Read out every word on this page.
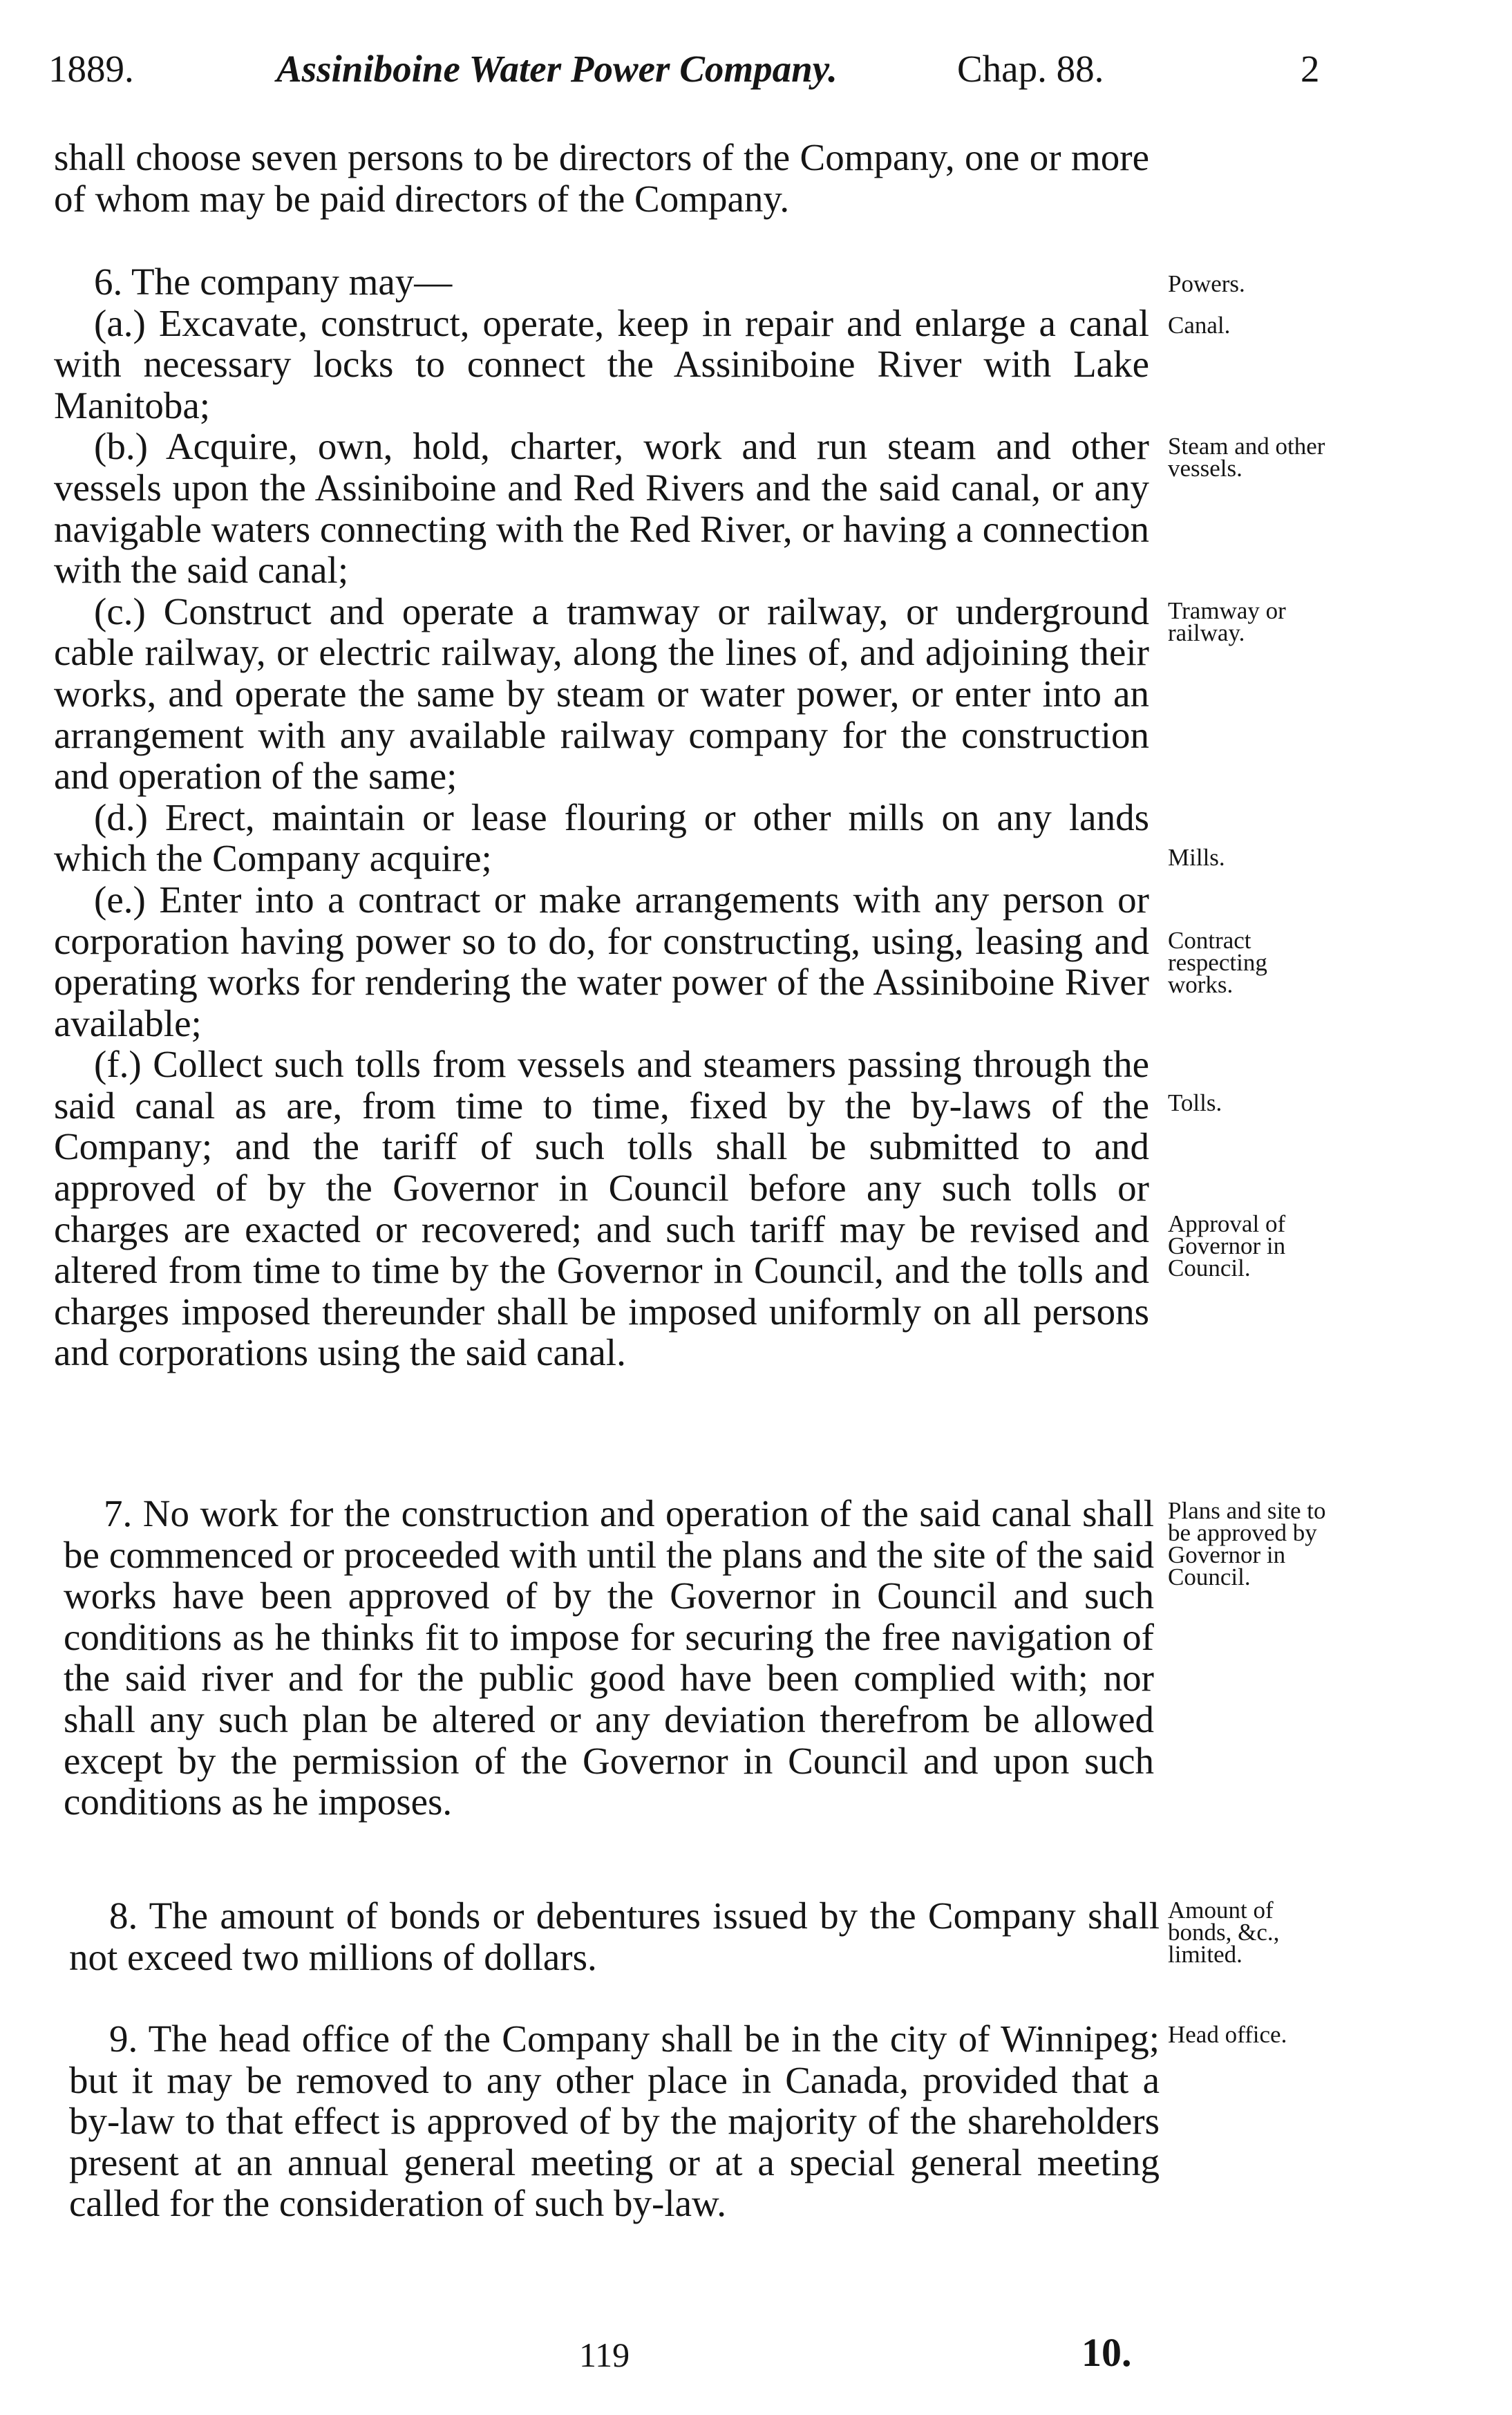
1889.	Assiniboine Water Power Company.	Chap. 88.	2

shall choose seven persons to be directors of the Company, one or more of whom may be paid directors of the Company.

6. The company may—

(a.) Excavate, construct, operate, keep in repair and enlarge a canal with necessary locks to connect the Assiniboine River with Lake Manitoba;

(b.) Acquire, own, hold, charter, work and run steam and other vessels upon the Assiniboine and Red Rivers and the said canal, or any navigable waters connecting with the Red River, or having a connection with the said canal;

(c.) Construct and operate a tramway or railway, or underground cable railway, or electric railway, along the lines of, and adjoining their works, and operate the same by steam or water power, or enter into an arrangement with any available railway company for the construction and operation of the same;

(d.) Erect, maintain or lease flouring or other mills on any lands which the Company acquire;

(e.) Enter into a contract or make arrangements with any person or corporation having power so to do, for constructing, using, leasing and operating works for rendering the water power of the Assiniboine River available;

(f.) Collect such tolls from vessels and steamers passing through the said canal as are, from time to time, fixed by the by-laws of the Company; and the tariff of such tolls shall be submitted to and approved of by the Governor in Council before any such tolls or charges are exacted or recovered; and such tariff may be revised and altered from time to time by the Governor in Council, and the tolls and charges imposed thereunder shall be imposed uniformly on all persons and corporations using the said canal.

7. No work for the construction and operation of the said canal shall be commenced or proceeded with until the plans and the site of the said works have been approved of by the Governor in Council and such conditions as he thinks fit to impose for securing the free navigation of the said river and for the public good have been complied with; nor shall any such plan be altered or any deviation therefrom be allowed except by the permission of the Governor in Council and upon such conditions as he imposes.

8. The amount of bonds or debentures issued by the Company shall not exceed two millions of dollars.

9. The head office of the Company shall be in the city of Winnipeg; but it may be removed to any other place in Canada, provided that a by-law to that effect is approved of by the majority of the shareholders present at an annual general meeting or at a special general meeting called for the consideration of such by-law.

Powers.
Canal.
Steam and other vessels.
Tramway or railway.
Mills.
Contract respecting works.
Tolls.
Approval of Governor in Council.
Plans and site to be approved by Governor in Council.
Amount of bonds, &c., limited.
Head office.
119	10.
